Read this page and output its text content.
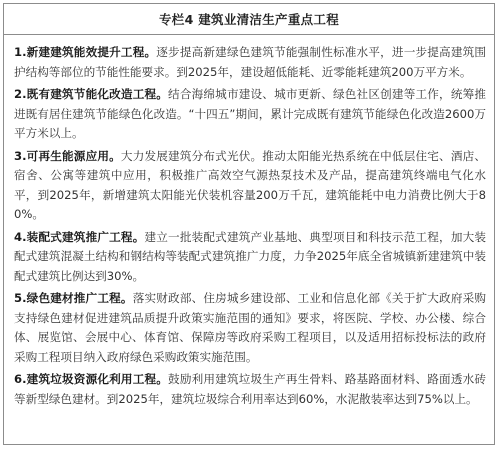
专栏4 建筑业清洁生产重点工程

1.新建建筑能效提升工程。逐步提高新建绿色建筑节能强制性标准水平，进一步提高建筑围护结构等部位的节能性能要求。到2025年，建设超低能耗、近零能耗建筑200万平方米。

2.既有建筑节能化改造工程。结合海绵城市建设、城市更新、绿色社区创建等工作，统筹推进既有居住建筑节能绿色化改造。“十四五”期间，累计完成既有建筑节能绿色化改造2600万平方米以上。

3.可再生能源应用。大力发展建筑分布式光伏。推动太阳能光热系统在中低层住宅、酒店、宿舍、公寓等建筑中应用，积极推广高效空气源热泵技术及产品，提高建筑终端电气化水平，到2025年，新增建筑太阳能光伏装机容量200万千瓦，建筑能耗中电力消费比例大于80%。

4.装配式建筑推广工程。建立一批装配式建筑产业基地、典型项目和科技示范工程，加大装配式建筑混凝土结构和钢结构等装配式建筑推广力度，力争2025年底全省城镇新建建筑中装配式建筑比例达到30%。

5.绿色建材推广工程。落实财政部、住房城乡建设部、工业和信息化部《关于扩大政府采购支持绿色建材促进建筑品质提升政策实施范围的通知》要求，将医院、学校、办公楼、综合体、展览馆、会展中心、体育馆、保障房等政府采购工程项目，以及适用招标投标法的政府采购工程项目纳入政府绿色采购政策实施范围。

6.建筑垃圾资源化利用工程。鼓励利用建筑垃圾生产再生骨料、路基路面材料、路面透水砖等新型绿色建材。到2025年，建筑垃圾综合利用率达到60%，水泥散装率达到75%以上。
